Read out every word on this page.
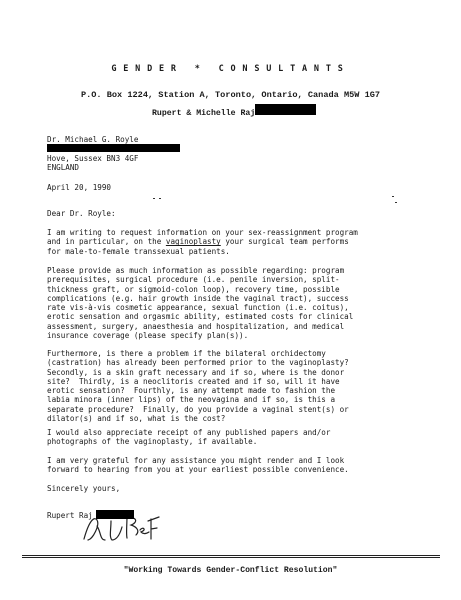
GENDER * CONSULTANTS
P.O. Box 1224, Station A, Toronto, Ontario, Canada M5W 1G7
Rupert & Michelle Raj
Dr. Michael G. Royle
Hove, Sussex BN3 4GF
ENGLAND
April 20, 1990
Dear Dr. Royle:
I am writing to request information on your sex-reassignment program
and in particular, on the vaginoplasty your surgical team performs
for male-to-female transsexual patients.
Please provide as much information as possible regarding: program
prerequisites, surgical procedure (i.e. penile inversion, split-
thickness graft, or sigmoid-colon loop), recovery time, possible
complications (e.g. hair growth inside the vaginal tract), success
rate vis-à-vis cosmetic appearance, sexual function (i.e. coitus),
erotic sensation and orgasmic ability, estimated costs for clinical
assessment, surgery, anaesthesia and hospitalization, and medical
insurance coverage (please specify plan(s)).
Furthermore, is there a problem if the bilateral orchidectomy
(castration) has already been performed prior to the vaginoplasty?
Secondly, is a skin graft necessary and if so, where is the donor
site?  Thirdly, is a neoclitoris created and if so, will it have
erotic sensation?  Fourthly, is any attempt made to fashion the
labia minora (inner lips) of the neovagina and if so, is this a
separate procedure?  Finally, do you provide a vaginal stent(s) or
dilator(s) and if so, what is the cost?
I would also appreciate receipt of any published papers and/or
photographs of the vaginoplasty, if available.
I am very grateful for any assistance you might render and I look
forward to hearing from you at your earliest possible convenience.
Sincerely yours,
Rupert Raj
"Working Towards Gender-Conflict Resolution"
